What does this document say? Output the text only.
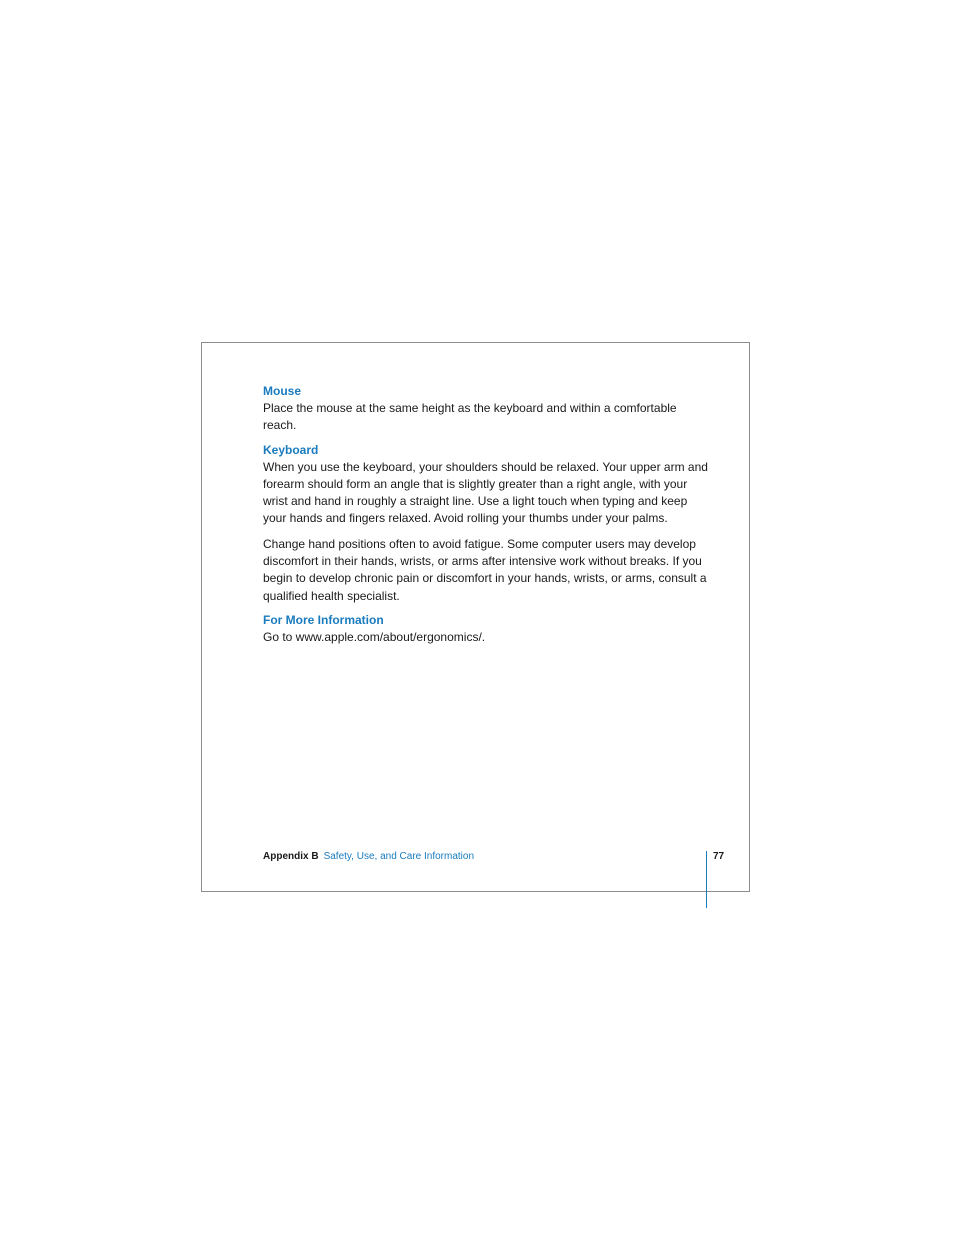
Mouse

Place the mouse at the same height as the keyboard and within a comfortable reach.

Keyboard

When you use the keyboard, your shoulders should be relaxed. Your upper arm and forearm should form an angle that is slightly greater than a right angle, with your wrist and hand in roughly a straight line. Use a light touch when typing and keep your hands and fingers relaxed. Avoid rolling your thumbs under your palms.

Change hand positions often to avoid fatigue. Some computer users may develop discomfort in their hands, wrists, or arms after intensive work without breaks. If you begin to develop chronic pain or discomfort in your hands, wrists, or arms, consult a qualified health specialist.

For More Information

Go to www.apple.com/about/ergonomics/.

Appendix B Safety, Use, and Care Information	77
